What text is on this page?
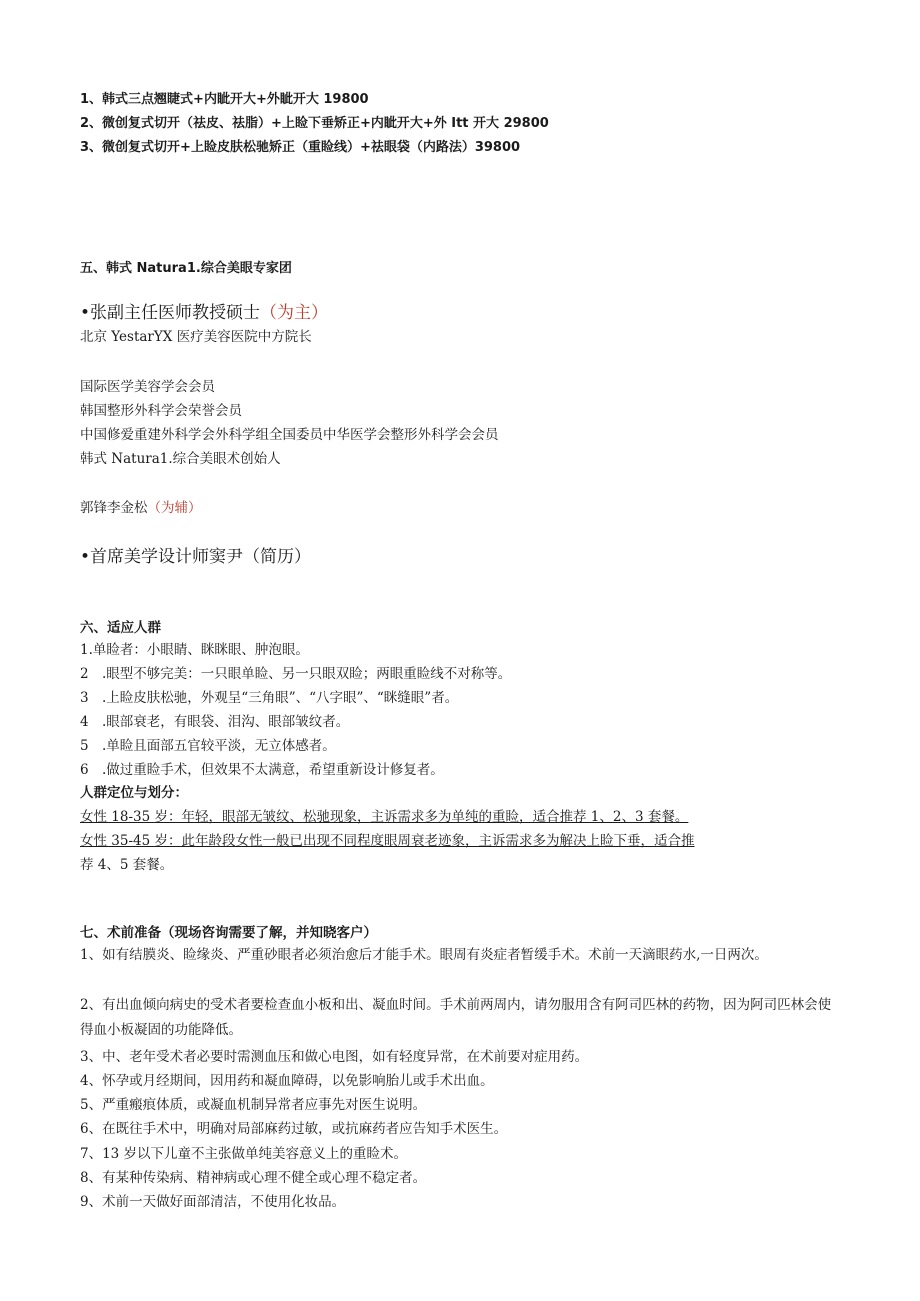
1、韩式三点翘睫式+内眦开大+外眦开大 19800
2、微创复式切开（祛皮、祛脂）+上睑下垂矫正+内眦开大+外 Itt 开大 29800
3、微创复式切开+上睑皮肤松驰矫正（重睑线）+祛眼袋（内路法）39800
五、韩式 Natura1.综合美眼专家团
•张副主任医师教授硕士（为主）
北京 YestarYX 医疗美容医院中方院长
国际医学美容学会会员
韩国整形外科学会荣誉会员
中国修爱重建外科学会外科学组全国委员中华医学会整形外科学会会员
韩式 Natura1.综合美眼术创始人
郭锋李金松（为辅）
•首席美学设计师窦尹（简历）
六、适应人群
1.单睑者：小眼睛、眯眯眼、肿泡眼。
2 .眼型不够完美：一只眼单睑、另一只眼双睑；两眼重睑线不对称等。
3 .上睑皮肤松驰，外观呈“三角眼”、“八字眼”、“眯缝眼”者。
4 .眼部衰老，有眼袋、泪沟、眼部皱纹者。
5 .单睑且面部五官较平淡，无立体感者。
6 .做过重睑手术，但效果不太满意，希望重新设计修复者。
人群定位与划分：
女性 18-35 岁：年轻，眼部无皱纹、松驰现象，主诉需求多为单纯的重睑，适合推荐 1、2、3 套餐。
女性 35-45 岁：此年龄段女性一般已出现不同程度眼周衰老迹象，主诉需求多为解决上睑下垂，适合推
荐 4、5 套餐。
七、术前准备（现场咨询需要了解，并知晓客户）
1、如有结膜炎、睑缘炎、严重砂眼者必须治愈后才能手术。眼周有炎症者暂缓手术。术前一天滴眼药水,一日两次。
2、有出血倾向病史的受术者要检查血小板和出、凝血时间。手术前两周内，请勿服用含有阿司匹林的药物，因为阿司匹林会使得血小板凝固的功能降低。
3、中、老年受术者必要时需测血压和做心电图，如有轻度异常，在术前要对症用药。
4、怀孕或月经期间，因用药和凝血障碍，以免影响胎儿或手术出血。
5、严重瘢痕体质，或凝血机制异常者应事先对医生说明。
6、在既往手术中，明确对局部麻药过敏，或抗麻药者应告知手术医生。
7、13 岁以下儿童不主张做单纯美容意义上的重睑术。
8、有某种传染病、精神病或心理不健全或心理不稳定者。
9、术前一天做好面部清洁，不使用化妆品。
